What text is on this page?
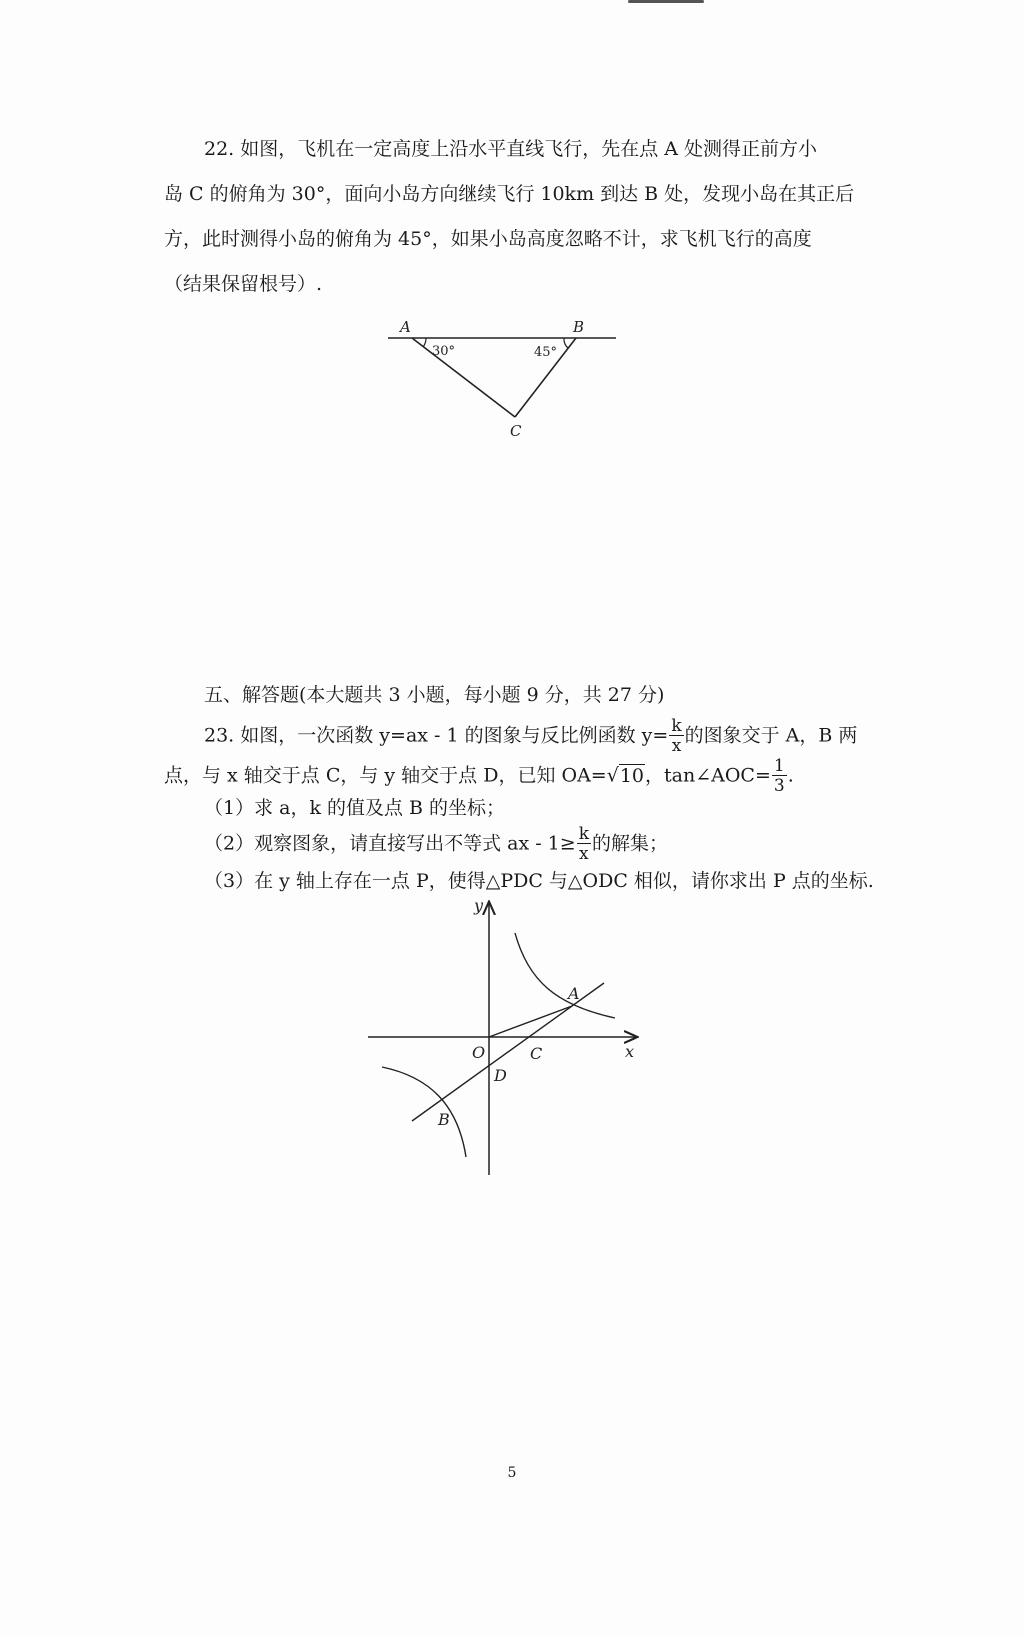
22. 如图，飞机在一定高度上沿水平直线飞行，先在点 A 处测得正前方小
岛 C 的俯角为 30°，面向小岛方向继续飞行 10km 到达 B 处，发现小岛在其正后
方，此时测得小岛的俯角为 45°，如果小岛高度忽略不计，求飞机飞行的高度
（结果保留根号）.
A	B
C
30°	45°
五、解答题(本大题共 3 小题，每小题 9 分，共 27 分)
23. 如图，一次函数 y=ax - 1 的图象与反比例函数 $y= \frac{k}{x}$ 的图象交于 A，B 两
点，与 x 轴交于点 C，与 y 轴交于点 D，已知 OA=√10，tan∠AOC= $\frac{1}{3}$ .
（1）求 a，k 的值及点 B 的坐标；
（2）观察图象，请直接写出不等式 ax - $1\ge \frac{k}{x}$ 的解集；
（3）在 y 轴上存在一点 P，使得△PDC 与△ODC 相似，请你求出 P 点的坐标.
y
x
O
A
C
D
B
5
